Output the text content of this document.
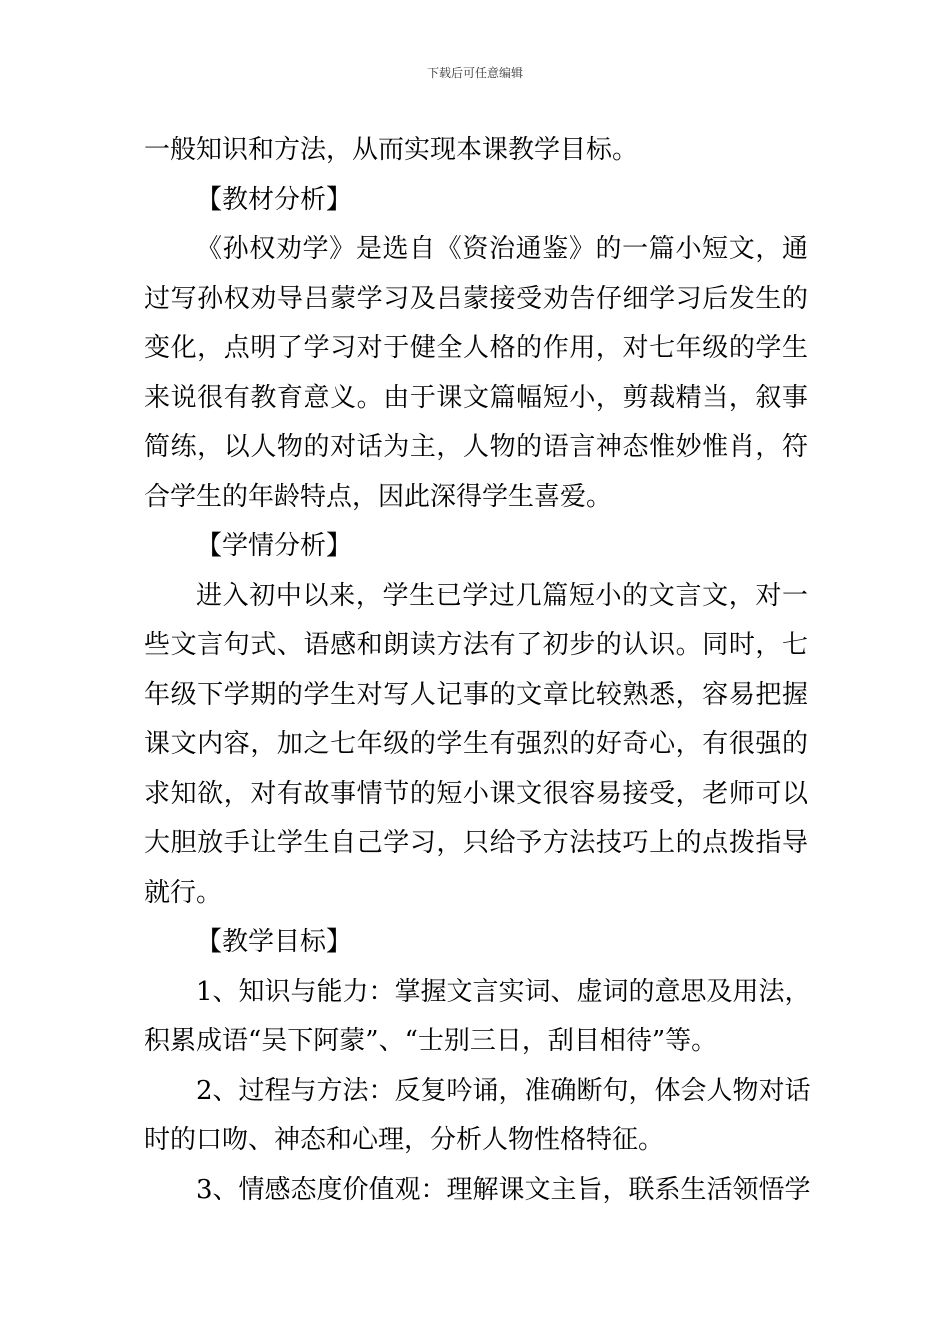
下载后可任意编辑
一般知识和方法，从而实现本课教学目标。
【教材分析】
《孙权劝学》是选自《资治通鉴》的一篇小短文，通
过写孙权劝导吕蒙学习及吕蒙接受劝告仔细学习后发生的
变化，点明了学习对于健全人格的作用，对七年级的学生
来说很有教育意义。由于课文篇幅短小，剪裁精当，叙事
简练，以人物的对话为主，人物的语言神态惟妙惟肖，符
合学生的年龄特点，因此深得学生喜爱。
【学情分析】
进入初中以来，学生已学过几篇短小的文言文，对一
些文言句式、语感和朗读方法有了初步的认识。同时，七
年级下学期的学生对写人记事的文章比较熟悉，容易把握
课文内容，加之七年级的学生有强烈的好奇心，有很强的
求知欲，对有故事情节的短小课文很容易接受，老师可以
大胆放手让学生自己学习，只给予方法技巧上的点拨指导
就行。
【教学目标】
1、知识与能力：掌握文言实词、虚词的意思及用法，
积累成语“吴下阿蒙”、“士别三日，刮目相待”等。
2、过程与方法：反复吟诵，准确断句，体会人物对话
时的口吻、神态和心理，分析人物性格特征。
3、情感态度价值观：理解课文主旨，联系生活领悟学
